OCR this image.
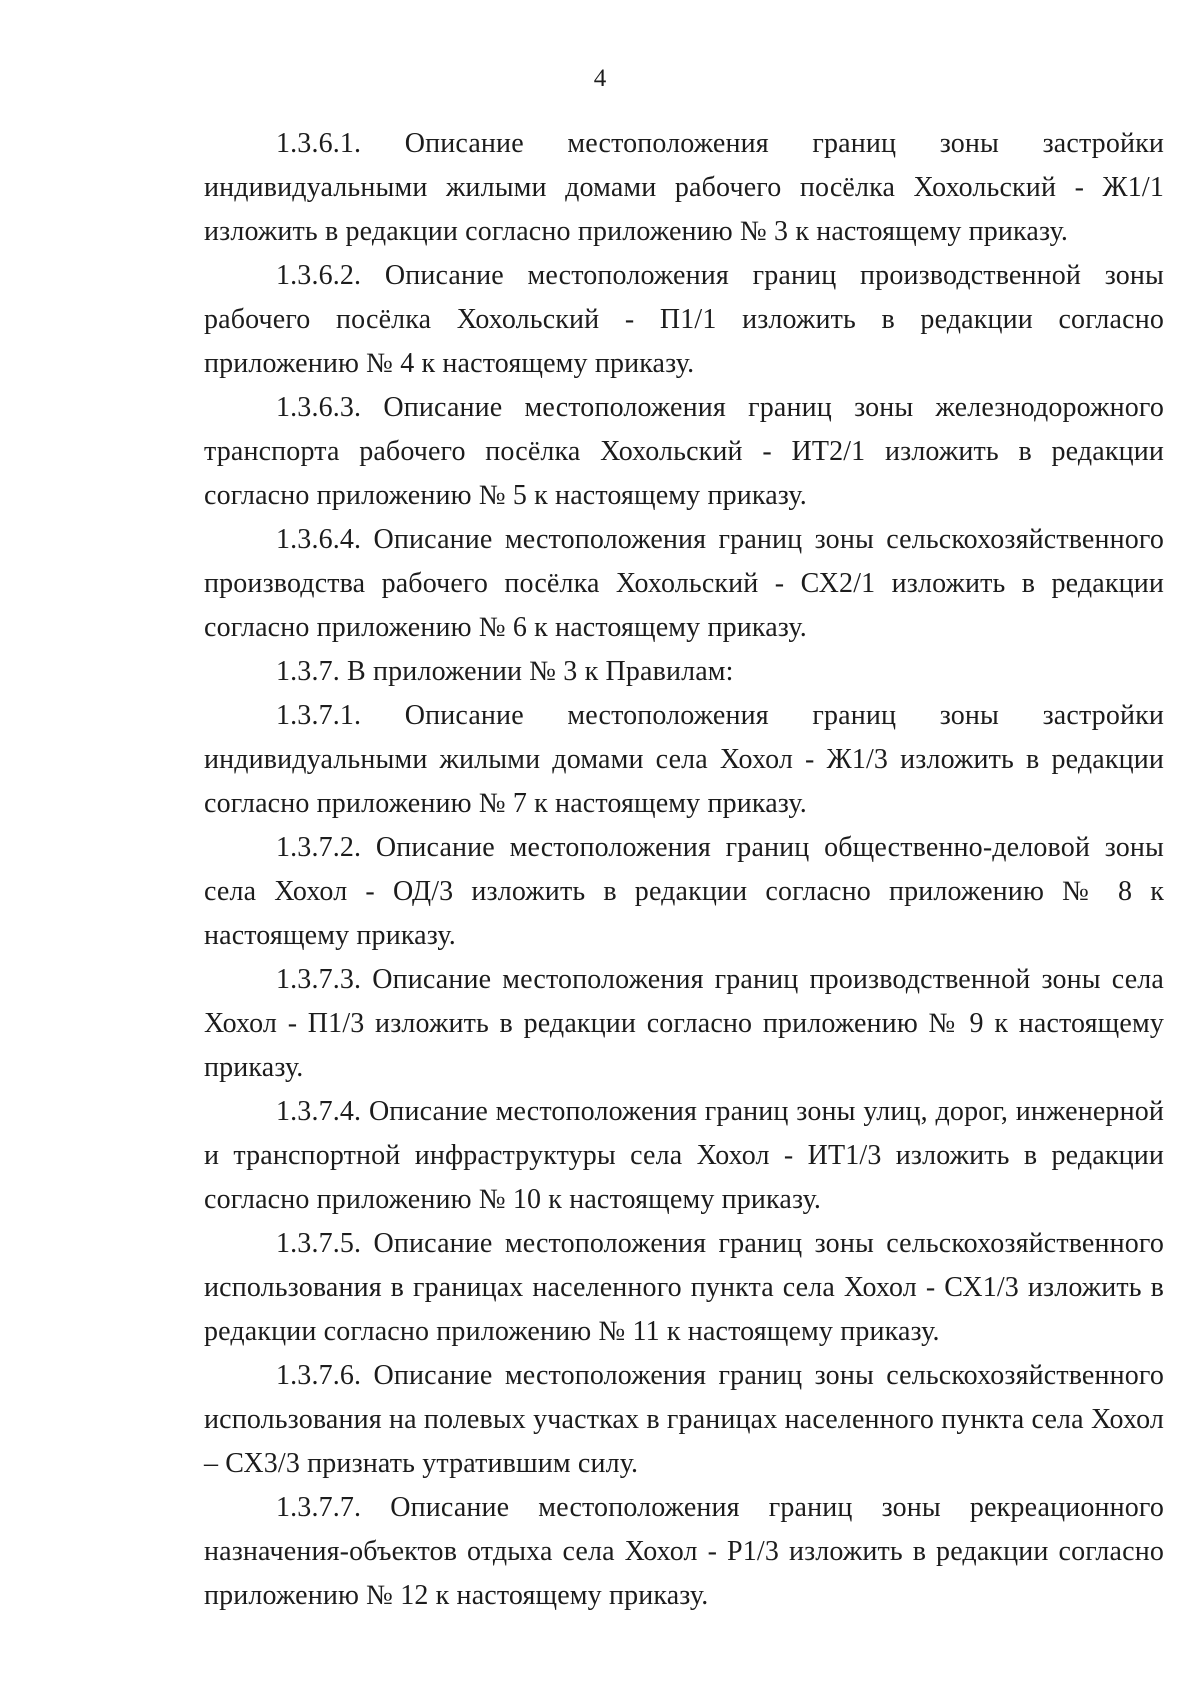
4

1.3.6.1. Описание местоположения границ зоны застройки индивидуальными жилыми домами рабочего посёлка Хохольский - Ж1/1 изложить в редакции согласно приложению № 3 к настоящему приказу.

1.3.6.2. Описание местоположения границ производственной зоны рабочего посёлка Хохольский - П1/1 изложить в редакции согласно приложению № 4 к настоящему приказу.

1.3.6.3. Описание местоположения границ зоны железнодорожного транспорта рабочего посёлка Хохольский - ИТ2/1 изложить в редакции согласно приложению № 5 к настоящему приказу.

1.3.6.4. Описание местоположения границ зоны сельскохозяйственного производства рабочего посёлка Хохольский - СХ2/1 изложить в редакции согласно приложению № 6 к настоящему приказу.

1.3.7. В приложении № 3 к Правилам:

1.3.7.1. Описание местоположения границ зоны застройки индивидуальными жилыми домами села Хохол - Ж1/3 изложить в редакции согласно приложению № 7 к настоящему приказу.

1.3.7.2. Описание местоположения границ общественно-деловой зоны села Хохол - ОД/3 изложить в редакции согласно приложению № 8 к настоящему приказу.

1.3.7.3. Описание местоположения границ производственной зоны села Хохол - П1/3 изложить в редакции согласно приложению № 9 к настоящему приказу.

1.3.7.4. Описание местоположения границ зоны улиц, дорог, инженерной и транспортной инфраструктуры села Хохол - ИТ1/3 изложить в редакции согласно приложению № 10 к настоящему приказу.

1.3.7.5. Описание местоположения границ зоны сельскохозяйственного использования в границах населенного пункта села Хохол - СХ1/3 изложить в редакции согласно приложению № 11 к настоящему приказу.

1.3.7.6. Описание местоположения границ зоны сельскохозяйственного использования на полевых участках в границах населенного пункта села Хохол – СХ3/3 признать утратившим силу.

1.3.7.7. Описание местоположения границ зоны рекреационного назначения-объектов отдыха села Хохол - Р1/3 изложить в редакции согласно приложению № 12 к настоящему приказу.
